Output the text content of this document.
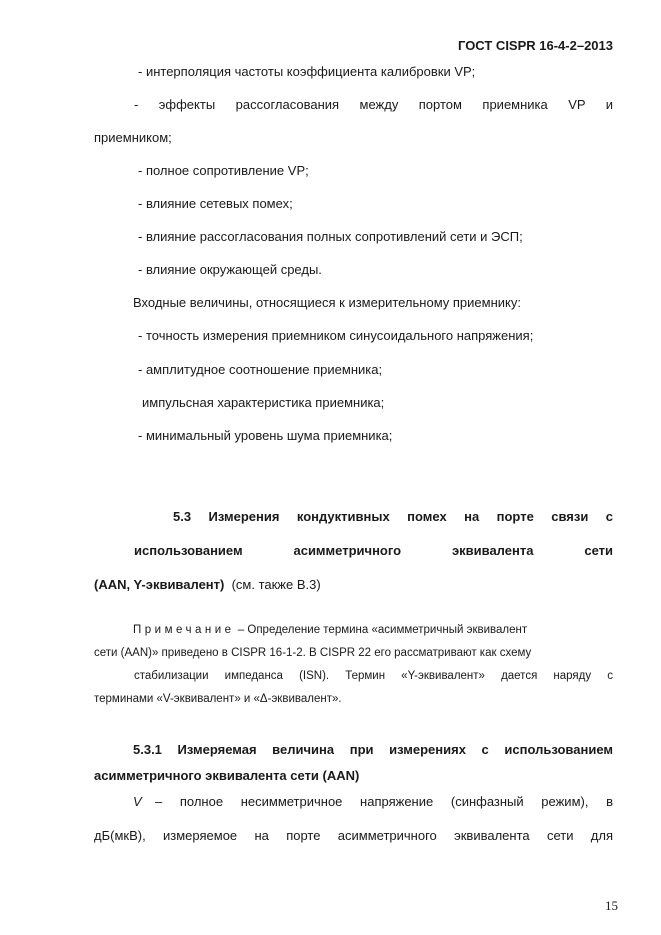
ГОСТ CISPR 16-4-2–2013
- интерполяция частоты коэффициента калибровки VP;
- эффекты рассогласования между портом приемника VP и
приемником;
- полное сопротивление VP;
- влияние сетевых помех;
- влияние рассогласования полных сопротивлений сети и ЭСП;
- влияние окружающей среды.
Входные величины, относящиеся к измерительному приемнику:
- точность измерения приемником синусоидального напряжения;
- амплитудное соотношение приемника;
импульсная характеристика приемника;
- минимальный уровень шума приемника;
5.3 Измерения кондуктивных помех на порте связи с
использованием	асимметричного	эквивалента	сети
(AAN, Y-эквивалент) (см. также В.3)
Примечание – Определение термина «асимметричный эквивалент
сети (AAN)» приведено в CISPR 16-1-2. В CISPR 22 его рассматривают как схему
стабилизации импеданса (ISN). Термин «Y-эквивалент» дается наряду с
терминами «V-эквивалент» и «Δ-эквивалент».
5.3.1 Измеряемая величина при измерениях с использованием
асимметричного эквивалента сети (AAN)
V – полное несимметричное напряжение (синфазный режим), в
дБ(мкВ), измеряемое на порте асимметричного эквивалента сети для
15
